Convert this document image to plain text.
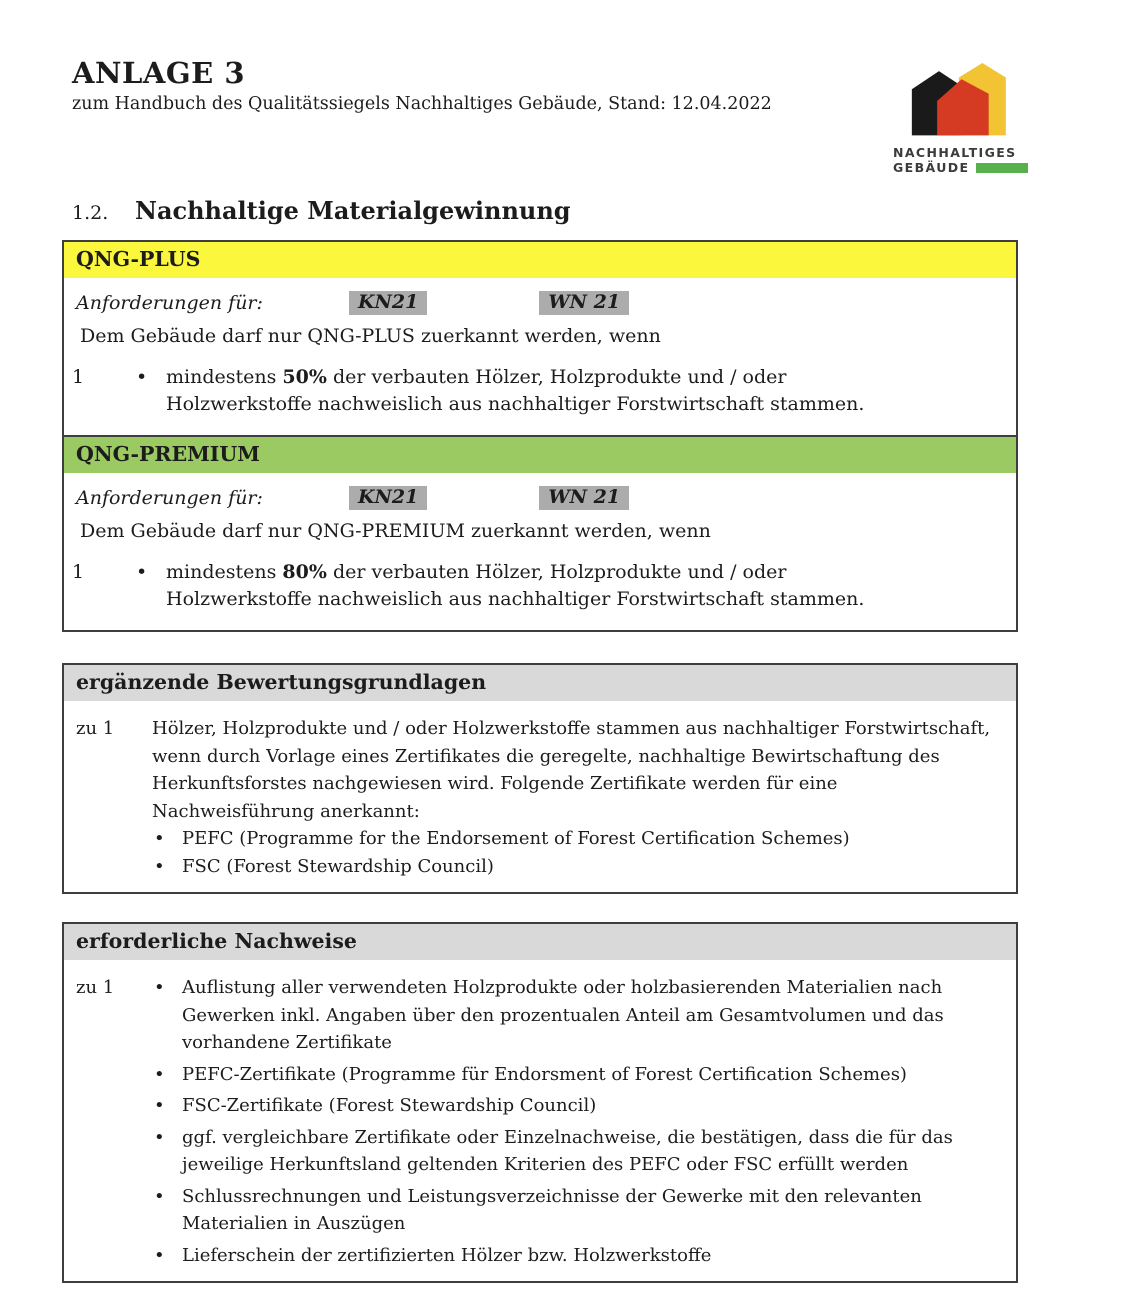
ANLAGE 3

zum Handbuch des Qualitätssiegels Nachhaltiges Gebäude, Stand: 12.04.2022

NACHHALTIGES
GEBÄUDE
1.2.	Nachhaltige Materialgewinnung
QNG-PLUS
Anforderungen für:	KN21	WN 21
Dem Gebäude darf nur QNG-PLUS zuerkannt werden, wenn
1	• mindestens 50% der verbauten Hölzer, Holzprodukte und / oder Holzwerkstoffe nachweislich aus nachhaltiger Forstwirtschaft stammen.
QNG-PREMIUM
Anforderungen für:	KN21	WN 21
Dem Gebäude darf nur QNG-PREMIUM zuerkannt werden, wenn
1	• mindestens 80% der verbauten Hölzer, Holzprodukte und / oder Holzwerkstoffe nachweislich aus nachhaltiger Forstwirtschaft stammen.
ergänzende Bewertungsgrundlagen
zu 1	Hölzer, Holzprodukte und / oder Holzwerkstoffe stammen aus nachhaltiger Forstwirtschaft, wenn durch Vorlage eines Zertifikates die geregelte, nachhaltige Bewirtschaftung des Herkunftsforstes nachgewiesen wird. Folgende Zertifikate werden für eine Nachweisführung anerkannt:

• PEFC (Programme for the Endorsement of Forest Certification Schemes)
• FSC (Forest Stewardship Council)
erforderliche Nachweise
zu 1	• Auflistung aller verwendeten Holzprodukte oder holzbasierenden Materialien nach Gewerken inkl. Angaben über den prozentualen Anteil am Gesamtvolumen und das vorhandene Zertifikate
• PEFC-Zertifikate (Programme für Endorsment of Forest Certification Schemes)
• FSC-Zertifikate (Forest Stewardship Council)
• ggf. vergleichbare Zertifikate oder Einzelnachweise, die bestätigen, dass die für das jeweilige Herkunftsland geltenden Kriterien des PEFC oder FSC erfüllt werden
• Schlussrechnungen und Leistungsverzeichnisse der Gewerke mit den relevanten Materialien in Auszügen
• Lieferschein der zertifizierten Hölzer bzw. Holzwerkstoffe
